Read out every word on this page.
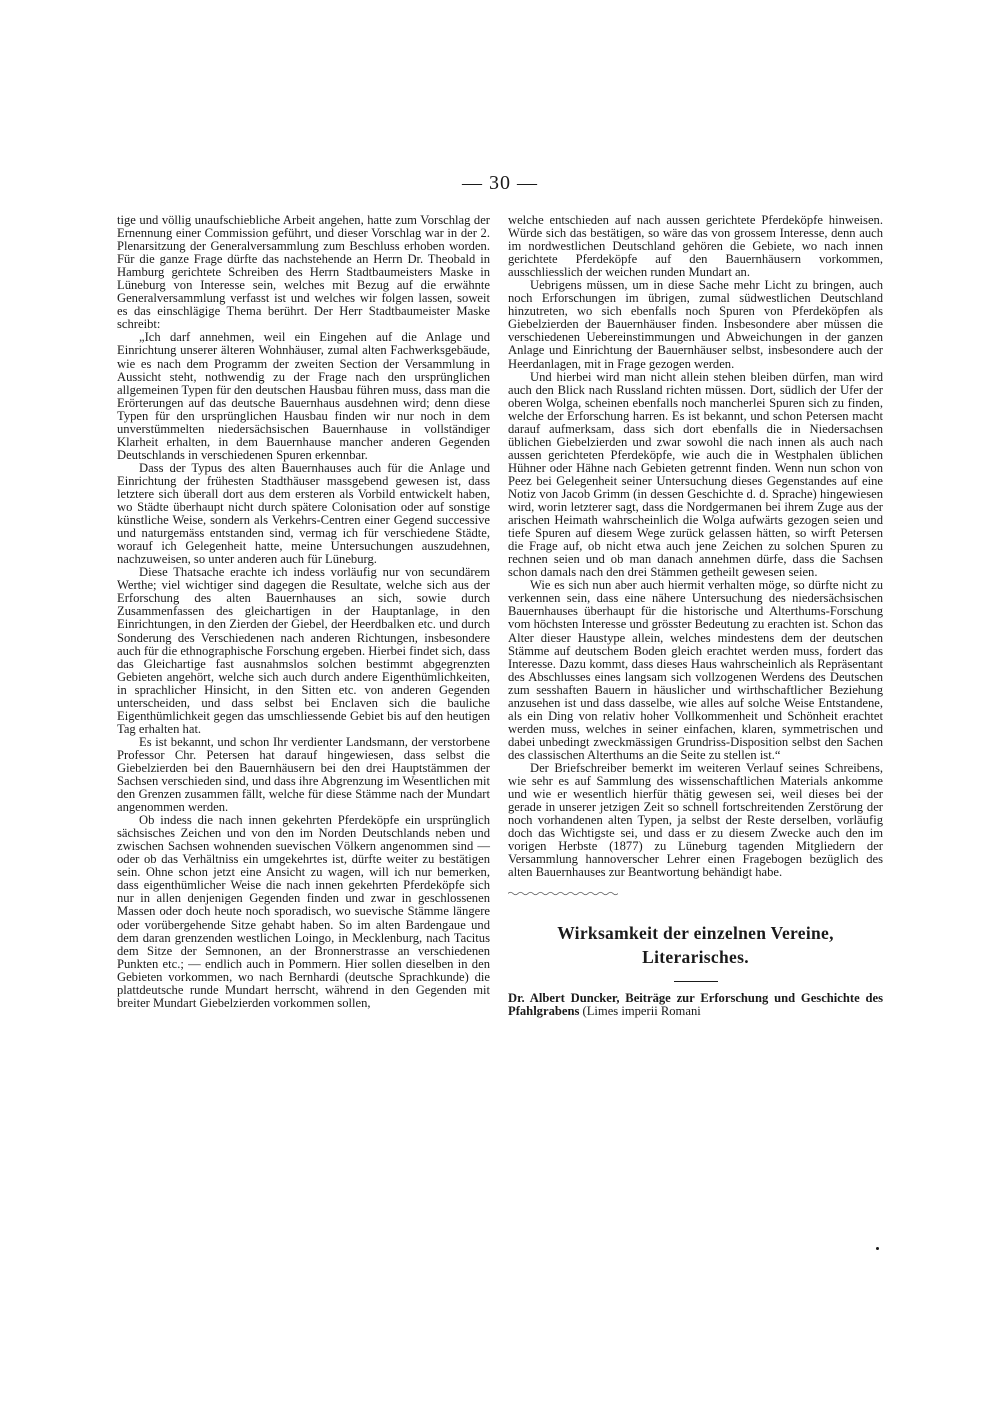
— 30 —

tige und völlig unaufschiebliche Arbeit angehen, hatte zum Vorschlag der Ernennung einer Commission geführt, und dieser Vorschlag war in der 2. Plenarsitzung der Generalversammlung zum Beschluss erhoben worden. Für die ganze Frage dürfte das nachstehende an Herrn Dr. Theobald in Hamburg gerichtete Schreiben des Herrn Stadtbaumeisters Maske in Lüneburg von Interesse sein, welches mit Bezug auf die erwähnte Generalversammlung verfasst ist und welches wir folgen lassen, soweit es das einschlägige Thema berührt. Der Herr Stadtbaumeister Maske schreibt:

„Ich darf annehmen, weil ein Eingehen auf die Anlage und Einrichtung unserer älteren Wohnhäuser, zumal alten Fachwerksgebäude, wie es nach dem Programm der zweiten Section der Versammlung in Aussicht steht, nothwendig zu der Frage nach den ursprünglichen allgemeinen Typen für den deutschen Hausbau führen muss, dass man die Erörterungen auf das deutsche Bauernhaus ausdehnen wird; denn diese Typen für den ursprünglichen Hausbau finden wir nur noch in dem unverstümmelten niedersächsischen Bauernhause in vollständiger Klarheit erhalten, in dem Bauernhause mancher anderen Gegenden Deutschlands in verschiedenen Spuren erkennbar.

Dass der Typus des alten Bauernhauses auch für die Anlage und Einrichtung der frühesten Stadthäuser massgebend gewesen ist, dass letztere sich überall dort aus dem ersteren als Vorbild entwickelt haben, wo Städte überhaupt nicht durch spätere Colonisation oder auf sonstige künstliche Weise, sondern als Verkehrs-Centren einer Gegend successive und naturgemäss entstanden sind, vermag ich für verschiedene Städte, worauf ich Gelegenheit hatte, meine Untersuchungen auszudehnen, nachzuweisen, so unter anderen auch für Lüneburg.

Diese Thatsache erachte ich indess vorläufig nur von secundärem Werthe; viel wichtiger sind dagegen die Resultate, welche sich aus der Erforschung des alten Bauernhauses an sich, sowie durch Zusammenfassen des gleichartigen in der Hauptanlage, in den Einrichtungen, in den Zierden der Giebel, der Heerdbalken etc. und durch Sonderung des Verschiedenen nach anderen Richtungen, insbesondere auch für die ethnographische Forschung ergeben. Hierbei findet sich, dass das Gleichartige fast ausnahmslos solchen bestimmt abgegrenzten Gebieten angehört, welche sich auch durch andere Eigenthümlichkeiten, in sprachlicher Hinsicht, in den Sitten etc. von anderen Gegenden unterscheiden, und dass selbst bei Enclaven sich die bauliche Eigenthümlichkeit gegen das umschliessende Gebiet bis auf den heutigen Tag erhalten hat.

Es ist bekannt, und schon Ihr verdienter Landsmann, der verstorbene Professor Chr. Petersen hat darauf hingewiesen, dass selbst die Giebelzierden bei den Bauernhäusern bei den drei Hauptstämmen der Sachsen verschieden sind, und dass ihre Abgrenzung im Wesentlichen mit den Grenzen zusammen fällt, welche für diese Stämme nach der Mundart angenommen werden.

Ob indess die nach innen gekehrten Pferdeköpfe ein ursprünglich sächsisches Zeichen und von den im Norden Deutschlands neben und zwischen Sachsen wohnenden suevischen Völkern angenommen sind — oder ob das Verhältniss ein umgekehrtes ist, dürfte weiter zu bestätigen sein. Ohne schon jetzt eine Ansicht zu wagen, will ich nur bemerken, dass eigenthümlicher Weise die nach innen gekehrten Pferdeköpfe sich nur in allen denjenigen Gegenden finden und zwar in geschlossenen Massen oder doch heute noch sporadisch, wo suevische Stämme längere oder vorübergehende Sitze gehabt haben. So im alten Bardengaue und dem daran grenzenden westlichen Loingo, in Mecklenburg, nach Tacitus dem Sitze der Semnonen, an der Bronnerstrasse an verschiedenen Punkten etc.; — endlich auch in Pommern. Hier sollen dieselben in den Gebieten vorkommen, wo nach Bernhardi (deutsche Sprachkunde) die plattdeutsche runde Mundart herrscht, während in den Gegenden mit breiter Mundart Giebelzierden vorkommen sollen,

welche entschieden auf nach aussen gerichtete Pferdeköpfe hinweisen. Würde sich das bestätigen, so wäre das von grossem Interesse, denn auch im nordwestlichen Deutschland gehören die Gebiete, wo nach innen gerichtete Pferdeköpfe auf den Bauernhäusern vorkommen, ausschliesslich der weichen runden Mundart an.

Uebrigens müssen, um in diese Sache mehr Licht zu bringen, auch noch Erforschungen im übrigen, zumal südwestlichen Deutschland hinzutreten, wo sich ebenfalls noch Spuren von Pferdeköpfen als Giebelzierden der Bauernhäuser finden. Insbesondere aber müssen die verschiedenen Uebereinstimmungen und Abweichungen in der ganzen Anlage und Einrichtung der Bauernhäuser selbst, insbesondere auch der Heerdanlagen, mit in Frage gezogen werden.

Und hierbei wird man nicht allein stehen bleiben dürfen, man wird auch den Blick nach Russland richten müssen. Dort, südlich der Ufer der oberen Wolga, scheinen ebenfalls noch mancherlei Spuren sich zu finden, welche der Erforschung harren. Es ist bekannt, und schon Petersen macht darauf aufmerksam, dass sich dort ebenfalls die in Niedersachsen üblichen Giebelzierden und zwar sowohl die nach innen als auch nach aussen gerichteten Pferdeköpfe, wie auch die in Westphalen üblichen Hühner oder Hähne nach Gebieten getrennt finden. Wenn nun schon von Peez bei Gelegenheit seiner Untersuchung dieses Gegenstandes auf eine Notiz von Jacob Grimm (in dessen Geschichte d. d. Sprache) hingewiesen wird, worin letzterer sagt, dass die Nordgermanen bei ihrem Zuge aus der arischen Heimath wahrscheinlich die Wolga aufwärts gezogen seien und tiefe Spuren auf diesem Wege zurück gelassen hätten, so wirft Petersen die Frage auf, ob nicht etwa auch jene Zeichen zu solchen Spuren zu rechnen seien und ob man danach annehmen dürfe, dass die Sachsen schon damals nach den drei Stämmen getheilt gewesen seien.

Wie es sich nun aber auch hiermit verhalten möge, so dürfte nicht zu verkennen sein, dass eine nähere Untersuchung des niedersächsischen Bauernhauses überhaupt für die historische und Alterthums-Forschung vom höchsten Interesse und grösster Bedeutung zu erachten ist. Schon das Alter dieser Haustype allein, welches mindestens dem der deutschen Stämme auf deutschem Boden gleich erachtet werden muss, fordert das Interesse. Dazu kommt, dass dieses Haus wahrscheinlich als Repräsentant des Abschlusses eines langsam sich vollzogenen Werdens des Deutschen zum sesshaften Bauern in häuslicher und wirthschaftlicher Beziehung anzusehen ist und dass dasselbe, wie alles auf solche Weise Entstandene, als ein Ding von relativ hoher Vollkommenheit und Schönheit erachtet werden muss, welches in seiner einfachen, klaren, symmetrischen und dabei unbedingt zweckmässigen Grundriss-Disposition selbst den Sachen des classischen Alterthums an die Seite zu stellen ist.“

Der Briefschreiber bemerkt im weiteren Verlauf seines Schreibens, wie sehr es auf Sammlung des wissenschaftlichen Materials ankomme und wie er wesentlich hierfür thätig gewesen sei, weil dieses bei der gerade in unserer jetzigen Zeit so schnell fortschreitenden Zerstörung der noch vorhandenen alten Typen, ja selbst der Reste derselben, vorläufig doch das Wichtigste sei, und dass er zu diesem Zwecke auch den im vorigen Herbste (1877) zu Lüneburg tagenden Mitgliedern der Versammlung hannoverscher Lehrer einen Fragebogen bezüglich des alten Bauernhauses zur Beantwortung behändigt habe.

Wirksamkeit der einzelnen Vereine,

Literarisches.

Dr. Albert Duncker, Beiträge zur Erforschung und Geschichte des Pfahlgrabens (Limes imperii Romani
